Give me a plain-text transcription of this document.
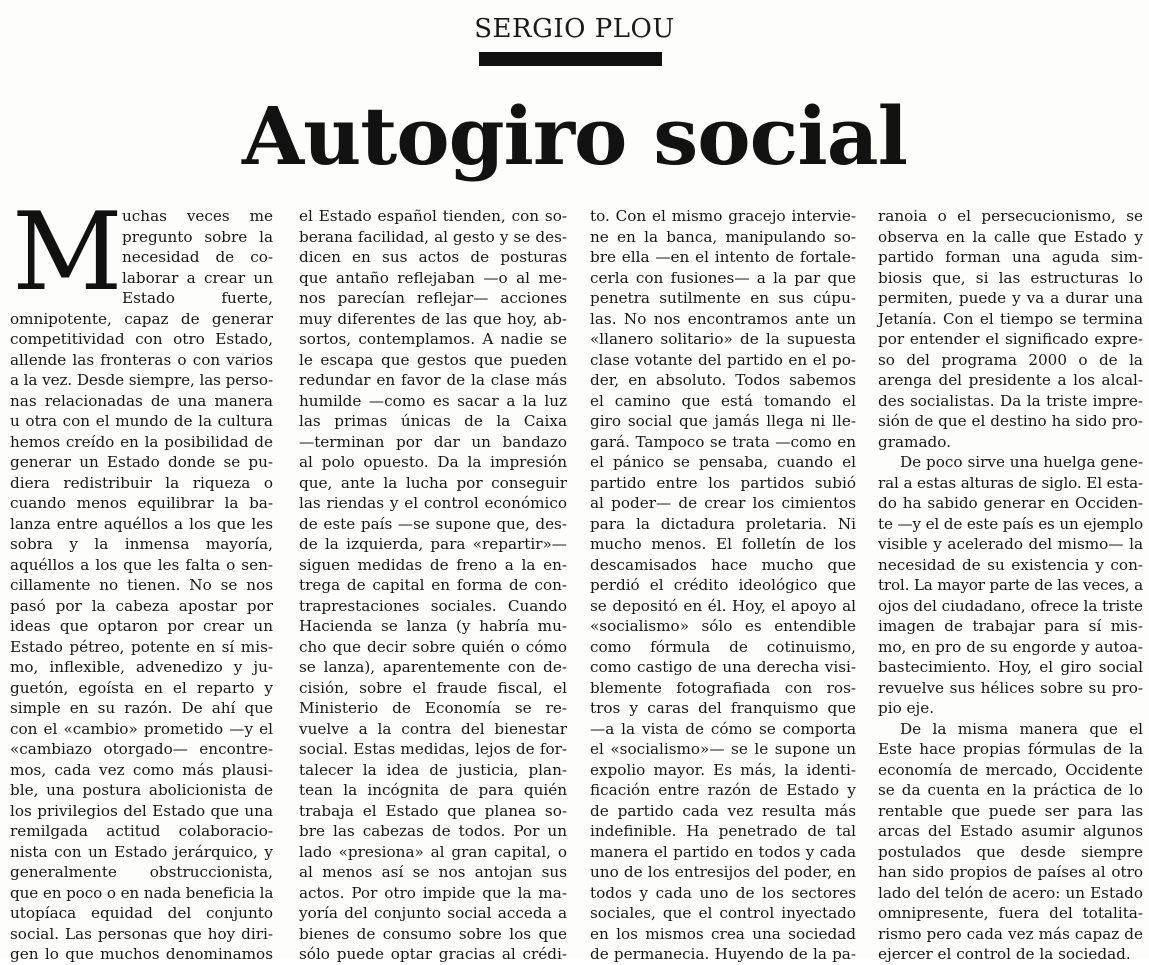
SERGIO PLOU
Autogiro social
M uchas veces me
pregunto sobre la
necesidad de co-
laborar a crear un
Estado fuerte,
omnipotente, capaz de generar
competitividad con otro Estado,
allende las fronteras o con varios
a la vez. Desde siempre, las perso-
nas relacionadas de una manera
u otra con el mundo de la cultura
hemos creído en la posibilidad de
generar un Estado donde se pu-
diera redistribuir la riqueza o
cuando menos equilibrar la ba-
lanza entre aquéllos a los que les
sobra y la inmensa mayoría,
aquéllos a los que les falta o sen-
cillamente no tienen. No se nos
pasó por la cabeza apostar por
ideas que optaron por crear un
Estado pétreo, potente en sí mis-
mo, inflexible, advenedizo y ju-
guetón, egoísta en el reparto y
simple en su razón. De ahí que
con el «cambio» prometido —y el
«cambiazo otorgado— encontre-
mos, cada vez como más plausi-
ble, una postura abolicionista de
los privilegios del Estado que una
remilgada actitud colaboracio-
nista con un Estado jerárquico, y
generalmente obstruccionista,
que en poco o en nada beneficia la
utopíaca equidad del conjunto
social. Las personas que hoy diri-
gen lo que muchos denominamos
el Estado español tienden, con so-
berana facilidad, al gesto y se des-
dicen en sus actos de posturas
que antaño reflejaban —o al me-
nos parecían reflejar— acciones
muy diferentes de las que hoy, ab-
sortos, contemplamos. A nadie se
le escapa que gestos que pueden
redundar en favor de la clase más
humilde —como es sacar a la luz
las primas únicas de la Caixa
—terminan por dar un bandazo
al polo opuesto. Da la impresión
que, ante la lucha por conseguir
las riendas y el control económico
de este país —se supone que, des-
de la izquierda, para «repartir»—
siguen medidas de freno a la en-
trega de capital en forma de con-
traprestaciones sociales. Cuando
Hacienda se lanza (y habría mu-
cho que decir sobre quién o cómo
se lanza), aparentemente con de-
cisión, sobre el fraude fiscal, el
Ministerio de Economía se re-
vuelve a la contra del bienestar
social. Estas medidas, lejos de for-
talecer la idea de justicia, plan-
tean la incógnita de para quién
trabaja el Estado que planea so-
bre las cabezas de todos. Por un
lado «presiona» al gran capital, o
al menos así se nos antojan sus
actos. Por otro impide que la ma-
yoría del conjunto social acceda a
bienes de consumo sobre los que
sólo puede optar gracias al crédi-
to. Con el mismo gracejo intervie-
ne en la banca, manipulando so-
bre ella —en el intento de fortale-
cerla con fusiones— a la par que
penetra sutilmente en sus cúpu-
las. No nos encontramos ante un
«llanero solitario» de la supuesta
clase votante del partido en el po-
der, en absoluto. Todos sabemos
el camino que está tomando el
giro social que jamás llega ni lle-
gará. Tampoco se trata —como en
el pánico se pensaba, cuando el
partido entre los partidos subió
al poder— de crear los cimientos
para la dictadura proletaria. Ni
mucho menos. El folletín de los
descamisados hace mucho que
perdió el crédito ideológico que
se depositó en él. Hoy, el apoyo al
«socialismo» sólo es entendible
como fórmula de cotinuismo,
como castigo de una derecha visi-
blemente fotografiada con ros-
tros y caras del franquismo que
—a la vista de cómo se comporta
el «socialismo»— se le supone un
expolio mayor. Es más, la identi-
ficación entre razón de Estado y
de partido cada vez resulta más
indefinible. Ha penetrado de tal
manera el partido en todos y cada
uno de los entresijos del poder, en
todos y cada uno de los sectores
sociales, que el control inyectado
en los mismos crea una sociedad
de permanecia. Huyendo de la pa-
ranoia o el persecucionismo, se
observa en la calle que Estado y
partido forman una aguda sim-
biosis que, si las estructuras lo
permiten, puede y va a durar una
Jetanía. Con el tiempo se termina
por entender el significado expre-
so del programa 2000 o de la
arenga del presidente a los alcal-
des socialistas. Da la triste impre-
sión de que el destino ha sido pro-
gramado.
De poco sirve una huelga gene-
ral a estas alturas de siglo. El esta-
do ha sabido generar en Occiden-
te —y el de este país es un ejemplo
visible y acelerado del mismo— la
necesidad de su existencia y con-
trol. La mayor parte de las veces, a
ojos del ciudadano, ofrece la triste
imagen de trabajar para sí mis-
mo, en pro de su engorde y autoa-
bastecimiento. Hoy, el giro social
revuelve sus hélices sobre su pro-
pio eje.
De la misma manera que el
Este hace propias fórmulas de la
economía de mercado, Occidente
se da cuenta en la práctica de lo
rentable que puede ser para las
arcas del Estado asumir algunos
postulados que desde siempre
han sido propios de países al otro
lado del telón de acero: un Estado
omnipresente, fuera del totalita-
rismo pero cada vez más capaz de
ejercer el control de la sociedad.
